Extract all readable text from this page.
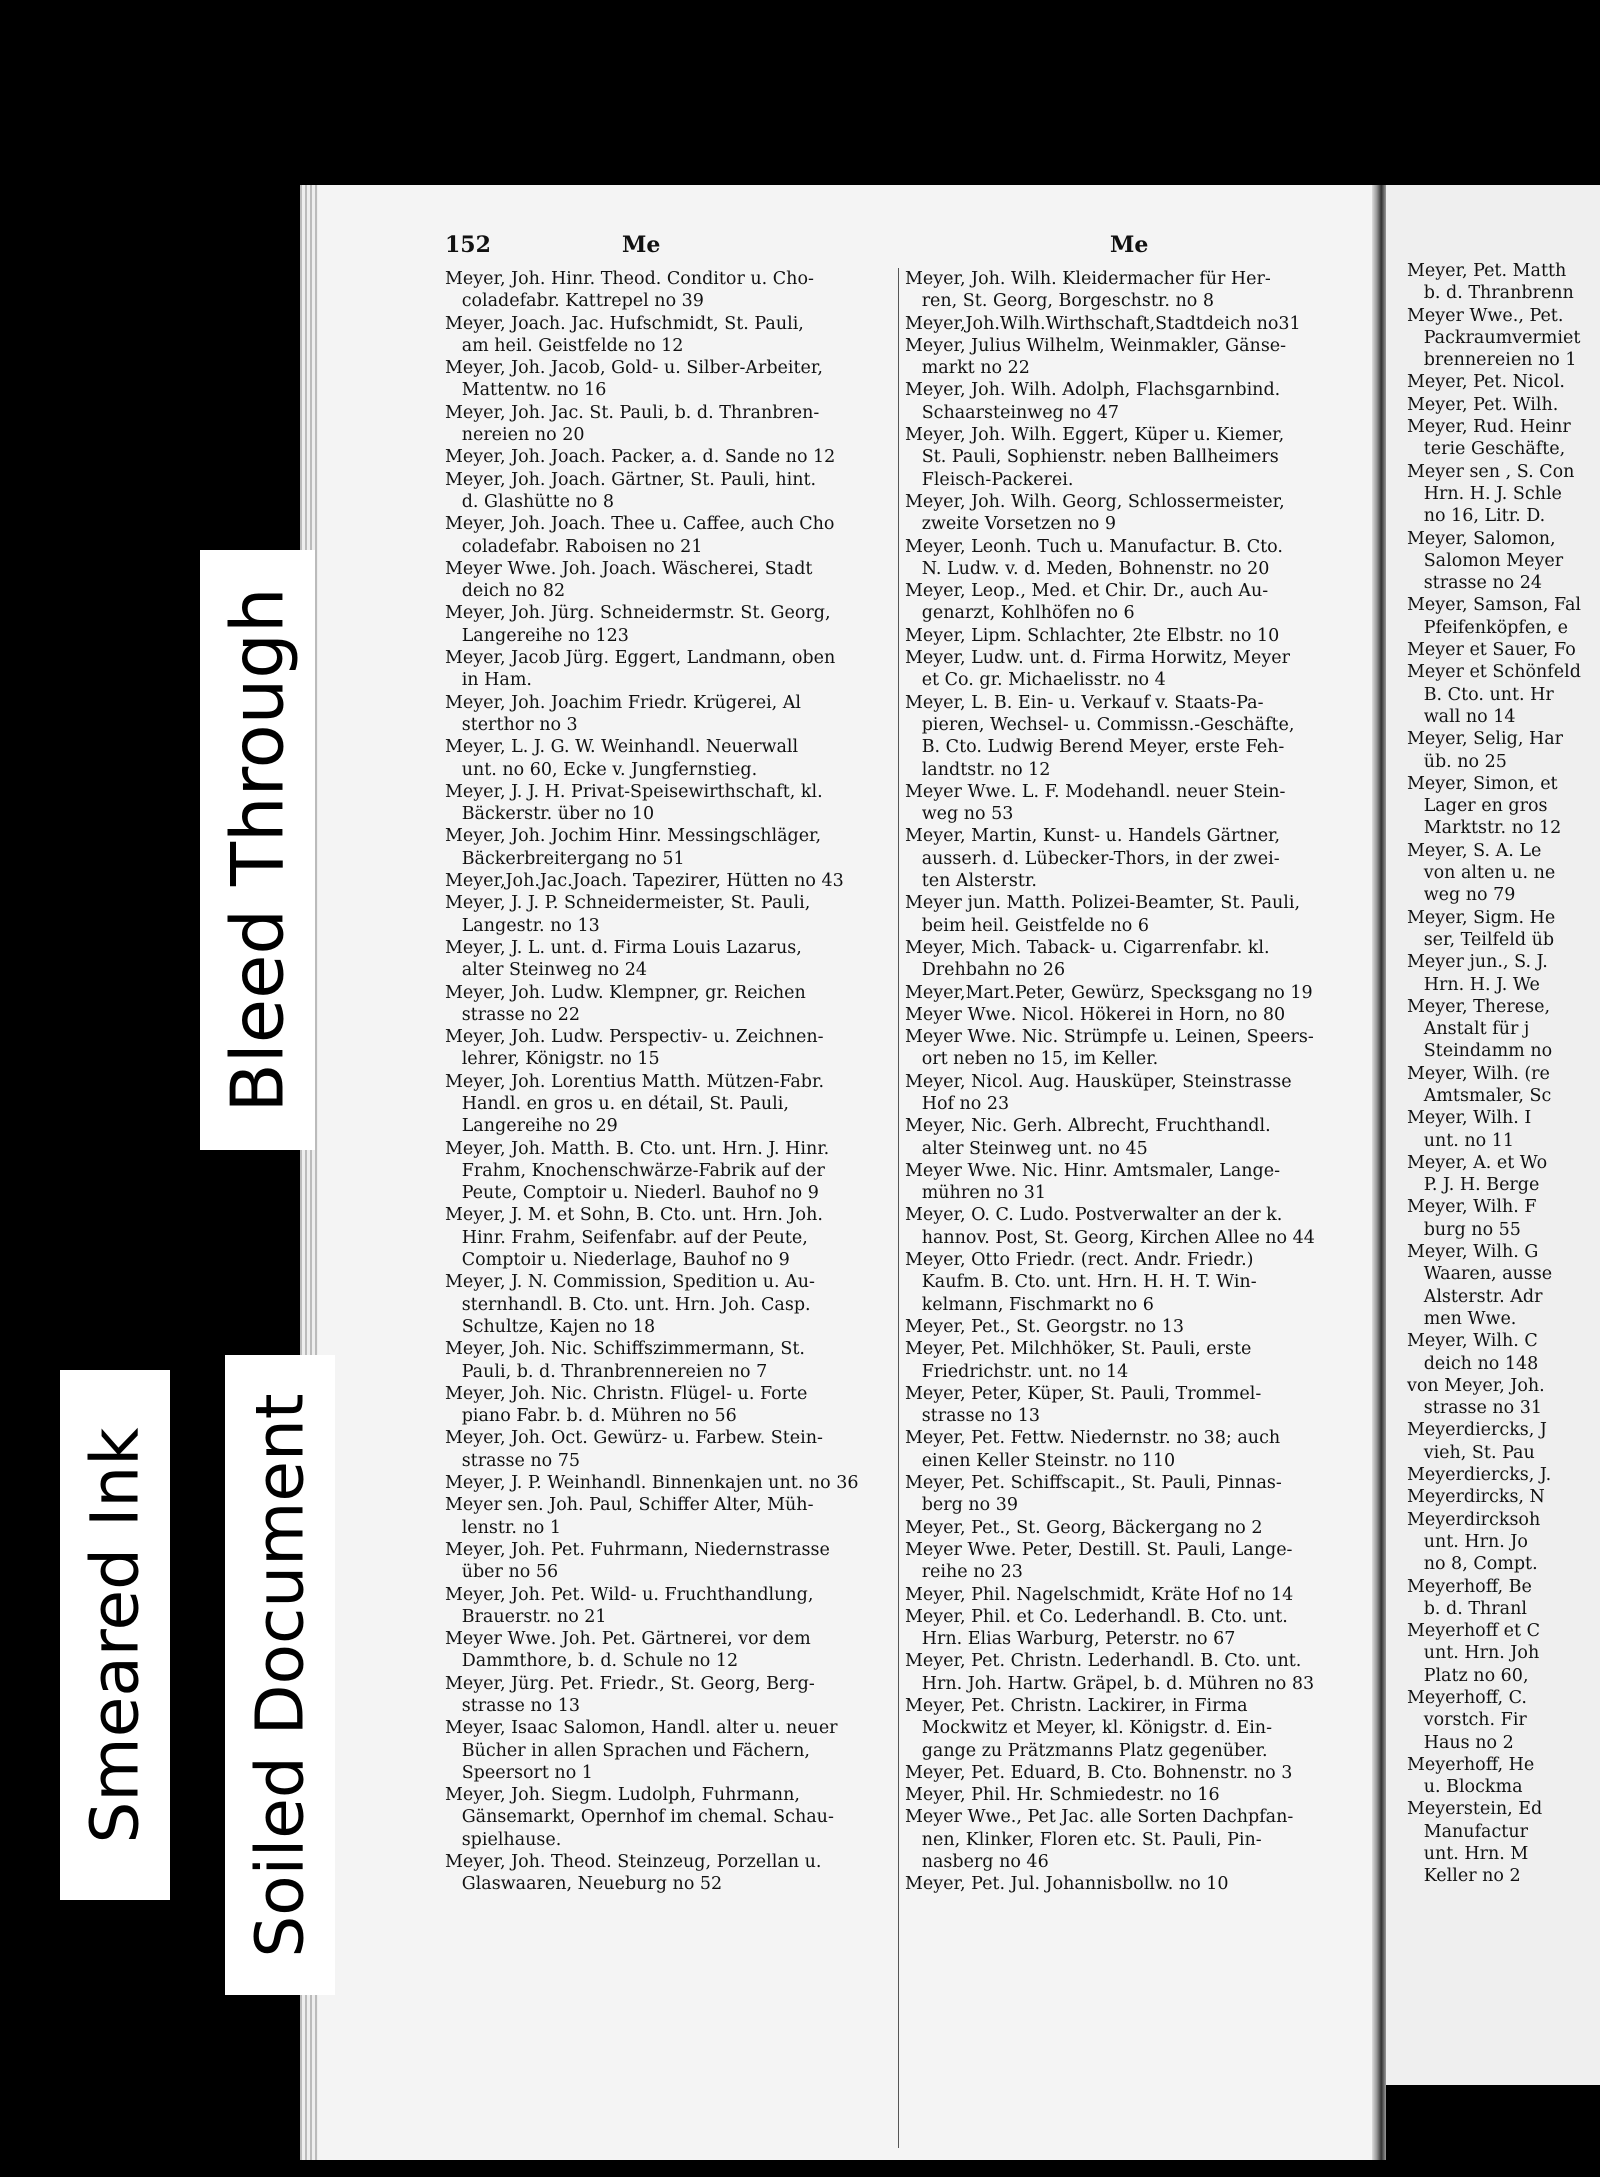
152	Me	Me
Meyer, Joh. Hinr. Theod. Conditor u. Cho-
coladefabr. Kattrepel no 39
Meyer, Joach. Jac. Hufschmidt, St. Pauli,
am heil. Geistfelde no 12
Meyer, Joh. Jacob, Gold- u. Silber-Arbeiter,
Mattentw. no 16
Meyer, Joh. Jac. St. Pauli, b. d. Thranbren-
nereien no 20
Meyer, Joh. Joach. Packer, a. d. Sande no 12
Meyer, Joh. Joach. Gärtner, St. Pauli, hint.
d. Glashütte no 8
Meyer, Joh. Joach. Thee u. Caffee, auch Cho
coladefabr. Raboisen no 21
Meyer Wwe. Joh. Joach. Wäscherei, Stadt
deich no 82
Meyer, Joh. Jürg. Schneidermstr. St. Georg,
Langereihe no 123
Meyer, Jacob Jürg. Eggert, Landmann, oben
in Ham.
Meyer, Joh. Joachim Friedr. Krügerei, Al
sterthor no 3
Meyer, L. J. G. W. Weinhandl. Neuerwall
unt. no 60, Ecke v. Jungfernstieg.
Meyer, J. J. H. Privat-Speisewirthschaft, kl.
Bäckerstr. über no 10
Meyer, Joh. Jochim Hinr. Messingschläger,
Bäckerbreitergang no 51
Meyer,Joh.Jac.Joach. Tapezirer, Hütten no 43
Meyer, J. J. P. Schneidermeister, St. Pauli,
Langestr. no 13
Meyer, J. L. unt. d. Firma Louis Lazarus,
alter Steinweg no 24
Meyer, Joh. Ludw. Klempner, gr. Reichen
strasse no 22
Meyer, Joh. Ludw. Perspectiv- u. Zeichnen-
lehrer, Königstr. no 15
Meyer, Joh. Lorentius Matth. Mützen-Fabr.
Handl. en gros u. en détail, St. Pauli,
Langereihe no 29
Meyer, Joh. Matth. B. Cto. unt. Hrn. J. Hinr.
Frahm, Knochenschwärze-Fabrik auf der
Peute, Comptoir u. Niederl. Bauhof no 9
Meyer, J. M. et Sohn, B. Cto. unt. Hrn. Joh.
Hinr. Frahm, Seifenfabr. auf der Peute,
Comptoir u. Niederlage, Bauhof no 9
Meyer, J. N. Commission, Spedition u. Au-
sternhandl. B. Cto. unt. Hrn. Joh. Casp.
Schultze, Kajen no 18
Meyer, Joh. Nic. Schiffszimmermann, St.
Pauli, b. d. Thranbrennereien no 7
Meyer, Joh. Nic. Christn. Flügel- u. Forte
piano Fabr. b. d. Mühren no 56
Meyer, Joh. Oct. Gewürz- u. Farbew. Stein-
strasse no 75
Meyer, J. P. Weinhandl. Binnenkajen unt. no 36
Meyer sen. Joh. Paul, Schiffer Alter, Müh-
lenstr. no 1
Meyer, Joh. Pet. Fuhrmann, Niedernstrasse
über no 56
Meyer, Joh. Pet. Wild- u. Fruchthandlung,
Brauerstr. no 21
Meyer Wwe. Joh. Pet. Gärtnerei, vor dem
Dammthore, b. d. Schule no 12
Meyer, Jürg. Pet. Friedr., St. Georg, Berg-
strasse no 13
Meyer, Isaac Salomon, Handl. alter u. neuer
Bücher in allen Sprachen und Fächern,
Speersort no 1
Meyer, Joh. Siegm. Ludolph, Fuhrmann,
Gänsemarkt, Opernhof im chemal. Schau-
spielhause.
Meyer, Joh. Theod. Steinzeug, Porzellan u.
Glaswaaren, Neueburg no 52
Meyer, Joh. Wilh. Kleidermacher für Her-
ren, St. Georg, Borgeschstr. no 8
Meyer,Joh.Wilh.Wirthschaft,Stadtdeich no31
Meyer, Julius Wilhelm, Weinmakler, Gänse-
markt no 22
Meyer, Joh. Wilh. Adolph, Flachsgarnbind.
Schaarsteinweg no 47
Meyer, Joh. Wilh. Eggert, Küper u. Kiemer,
St. Pauli, Sophienstr. neben Ballheimers
Fleisch-Packerei.
Meyer, Joh. Wilh. Georg, Schlossermeister,
zweite Vorsetzen no 9
Meyer, Leonh. Tuch u. Manufactur. B. Cto.
N. Ludw. v. d. Meden, Bohnenstr. no 20
Meyer, Leop., Med. et Chir. Dr., auch Au-
genarzt, Kohlhöfen no 6
Meyer, Lipm. Schlachter, 2te Elbstr. no 10
Meyer, Ludw. unt. d. Firma Horwitz, Meyer
et Co. gr. Michaelisstr. no 4
Meyer, L. B. Ein- u. Verkauf v. Staats-Pa-
pieren, Wechsel- u. Commissn.-Geschäfte,
B. Cto. Ludwig Berend Meyer, erste Feh-
landtstr. no 12
Meyer Wwe. L. F. Modehandl. neuer Stein-
weg no 53
Meyer, Martin, Kunst- u. Handels Gärtner,
ausserh. d. Lübecker-Thors, in der zwei-
ten Alsterstr.
Meyer jun. Matth. Polizei-Beamter, St. Pauli,
beim heil. Geistfelde no 6
Meyer, Mich. Taback- u. Cigarrenfabr. kl.
Drehbahn no 26
Meyer,Mart.Peter, Gewürz, Specksgang no 19
Meyer Wwe. Nicol. Hökerei in Horn, no 80
Meyer Wwe. Nic. Strümpfe u. Leinen, Speers-
ort neben no 15, im Keller.
Meyer, Nicol. Aug. Hausküper, Steinstrasse
Hof no 23
Meyer, Nic. Gerh. Albrecht, Fruchthandl.
alter Steinweg unt. no 45
Meyer Wwe. Nic. Hinr. Amtsmaler, Lange-
mühren no 31
Meyer, O. C. Ludo. Postverwalter an der k.
hannov. Post, St. Georg, Kirchen Allee no 44
Meyer, Otto Friedr. (rect. Andr. Friedr.)
Kaufm. B. Cto. unt. Hrn. H. H. T. Win-
kelmann, Fischmarkt no 6
Meyer, Pet., St. Georgstr. no 13
Meyer, Pet. Milchhöker, St. Pauli, erste
Friedrichstr. unt. no 14
Meyer, Peter, Küper, St. Pauli, Trommel-
strasse no 13
Meyer, Pet. Fettw. Niedernstr. no 38; auch
einen Keller Steinstr. no 110
Meyer, Pet. Schiffscapit., St. Pauli, Pinnas-
berg no 39
Meyer, Pet., St. Georg, Bäckergang no 2
Meyer Wwe. Peter, Destill. St. Pauli, Lange-
reihe no 23
Meyer, Phil. Nagelschmidt, Kräte Hof no 14
Meyer, Phil. et Co. Lederhandl. B. Cto. unt.
Hrn. Elias Warburg, Peterstr. no 67
Meyer, Pet. Christn. Lederhandl. B. Cto. unt.
Hrn. Joh. Hartw. Gräpel, b. d. Mühren no 83
Meyer, Pet. Christn. Lackirer, in Firma
Mockwitz et Meyer, kl. Königstr. d. Ein-
gange zu Prätzmanns Platz gegenüber.
Meyer, Pet. Eduard, B. Cto. Bohnenstr. no 3
Meyer, Phil. Hr. Schmiedestr. no 16
Meyer Wwe., Pet Jac. alle Sorten Dachpfan-
nen, Klinker, Floren etc. St. Pauli, Pin-
nasberg no 46
Meyer, Pet. Jul. Johannisbollw. no 10
Meyer, Pet. Matth
b. d. Thranbrenn
Meyer Wwe., Pet.
Packraumvermiet
brennereien no 1
Meyer, Pet. Nicol.
Meyer, Pet. Wilh.
Meyer, Rud. Heinr
terie Geschäfte,
Meyer sen , S. Con
Hrn. H. J. Schle
no 16, Litr. D.
Meyer, Salomon,
Salomon Meyer
strasse no 24
Meyer, Samson, Fal
Pfeifenköpfen, e
Meyer et Sauer, Fo
Meyer et Schönfeld
B. Cto. unt. Hr
wall no 14
Meyer, Selig, Har
üb. no 25
Meyer, Simon, et
Lager en gros
Marktstr. no 12
Meyer, S. A. Le
von alten u. ne
weg no 79
Meyer, Sigm. He
ser, Teilfeld üb
Meyer jun., S. J.
Hrn. H. J. We
Meyer, Therese,
Anstalt für j
Steindamm no
Meyer, Wilh. (re
Amtsmaler, Sc
Meyer, Wilh. I
unt. no 11
Meyer, A. et Wo
P. J. H. Berge
Meyer, Wilh. F
burg no 55
Meyer, Wilh. G
Waaren, ausse
Alsterstr. Adr
men Wwe.
Meyer, Wilh. C
deich no 148
von Meyer, Joh.
strasse no 31
Meyerdiercks, J
vieh, St. Pau
Meyerdiercks, J.
Meyerdircks, N
Meyerdircksoh
unt. Hrn. Jo
no 8, Compt.
Meyerhoff, Be
b. d. Thranl
Meyerhoff et C
unt. Hrn. Joh
Platz no 60,
Meyerhoff, C.
vorstch. Fir
Haus no 2
Meyerhoff, He
u. Blockma
Meyerstein, Ed
Manufactur
unt. Hrn. M
Keller no 2
Bleed Through
Smeared Ink Soiled Document
